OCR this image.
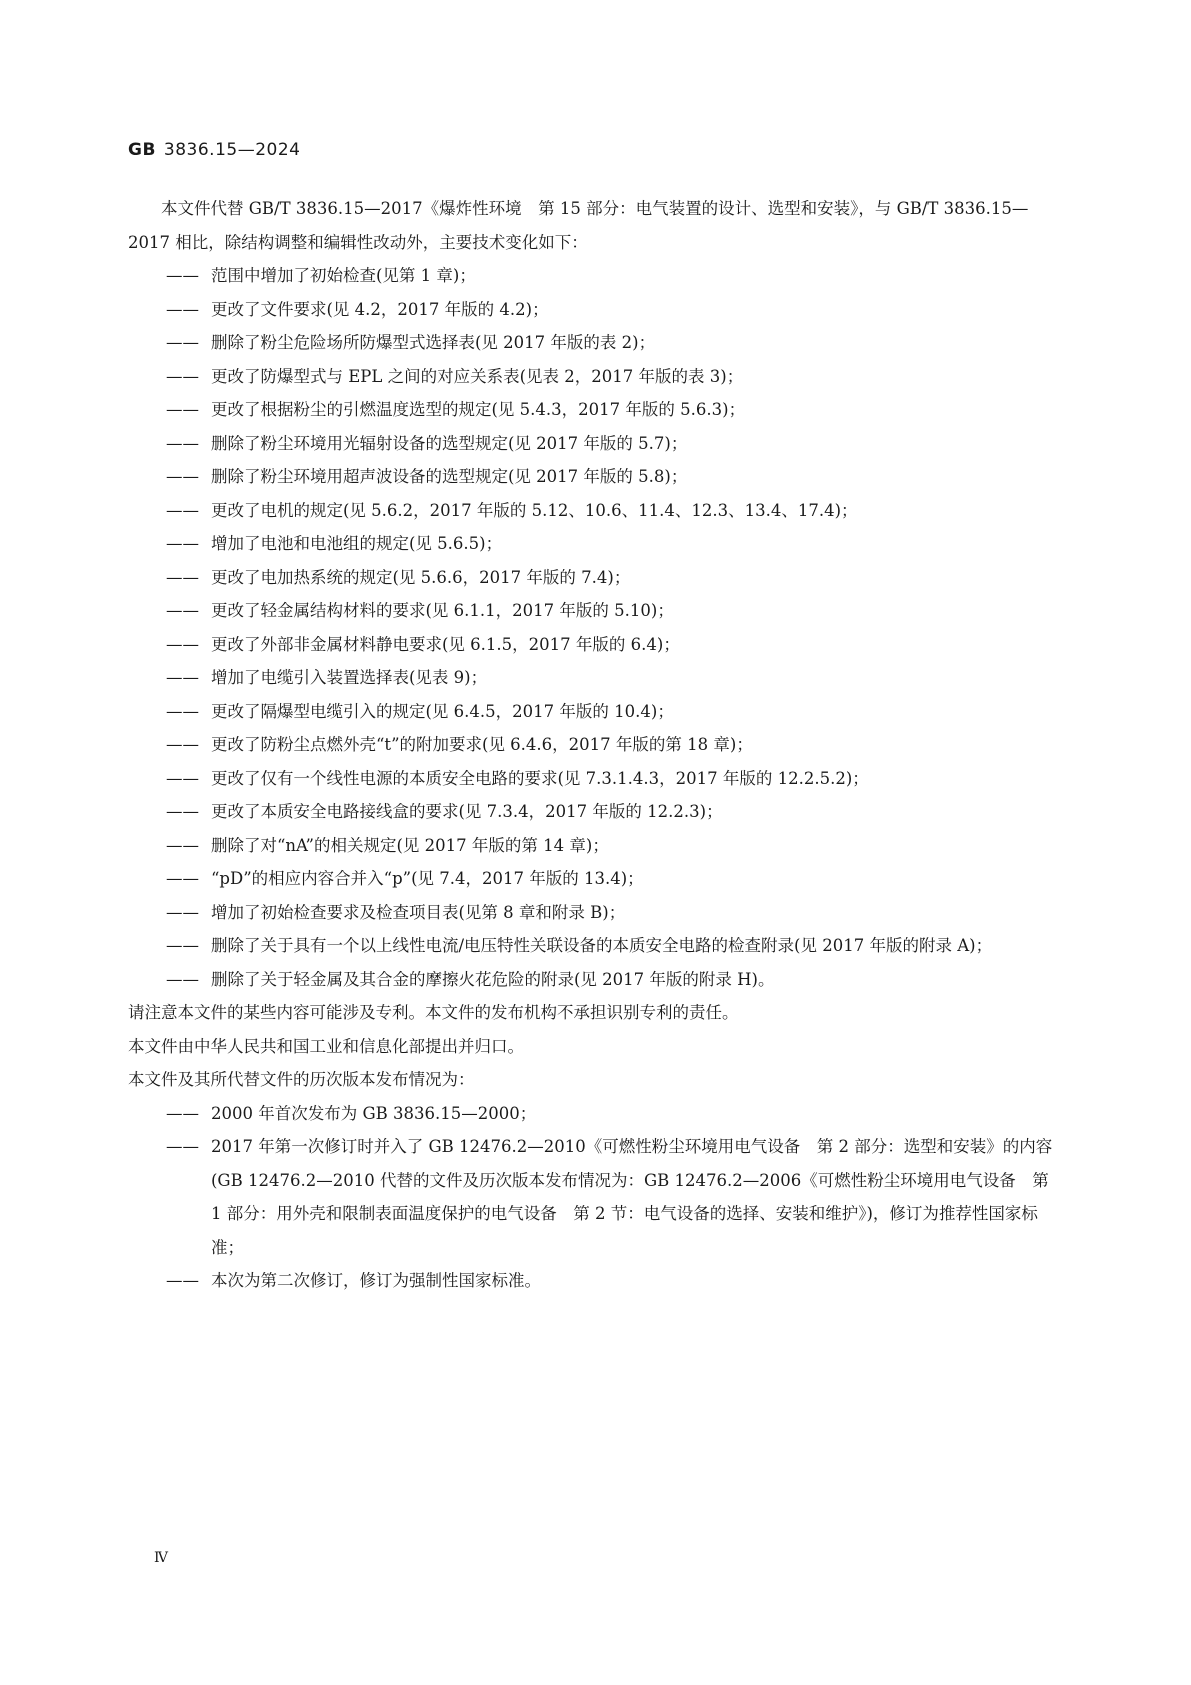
GB 3836.15—2024

本文件代替 GB/T 3836.15—2017《爆炸性环境　第 15 部分：电气装置的设计、选型和安装》，与 GB/T 3836.15—2017 相比，除结构调整和编辑性改动外，主要技术变化如下：

—— 范围中增加了初始检查(见第 1 章)；

—— 更改了文件要求(见 4.2，2017 年版的 4.2)；

—— 删除了粉尘危险场所防爆型式选择表(见 2017 年版的表 2)；

—— 更改了防爆型式与 EPL 之间的对应关系表(见表 2，2017 年版的表 3)；

—— 更改了根据粉尘的引燃温度选型的规定(见 5.4.3，2017 年版的 5.6.3)；

—— 删除了粉尘环境用光辐射设备的选型规定(见 2017 年版的 5.7)；

—— 删除了粉尘环境用超声波设备的选型规定(见 2017 年版的 5.8)；

—— 更改了电机的规定(见 5.6.2，2017 年版的 5.12、10.6、11.4、12.3、13.4、17.4)；

—— 增加了电池和电池组的规定(见 5.6.5)；

—— 更改了电加热系统的规定(见 5.6.6，2017 年版的 7.4)；

—— 更改了轻金属结构材料的要求(见 6.1.1，2017 年版的 5.10)；

—— 更改了外部非金属材料静电要求(见 6.1.5，2017 年版的 6.4)；

—— 增加了电缆引入装置选择表(见表 9)；

—— 更改了隔爆型电缆引入的规定(见 6.4.5，2017 年版的 10.4)；

—— 更改了防粉尘点燃外壳“t”的附加要求(见 6.4.6，2017 年版的第 18 章)；

—— 更改了仅有一个线性电源的本质安全电路的要求(见 7.3.1.4.3，2017 年版的 12.2.5.2)；

—— 更改了本质安全电路接线盒的要求(见 7.3.4，2017 年版的 12.2.3)；

—— 删除了对“nA”的相关规定(见 2017 年版的第 14 章)；

—— “pD”的相应内容合并入“p”(见 7.4，2017 年版的 13.4)；

—— 增加了初始检查要求及检查项目表(见第 8 章和附录 B)；

—— 删除了关于具有一个以上线性电流/电压特性关联设备的本质安全电路的检查附录(见 2017 年版的附录 A)；

—— 删除了关于轻金属及其合金的摩擦火花危险的附录(见 2017 年版的附录 H)。

请注意本文件的某些内容可能涉及专利。本文件的发布机构不承担识别专利的责任。

本文件由中华人民共和国工业和信息化部提出并归口。

本文件及其所代替文件的历次版本发布情况为：

—— 2000 年首次发布为 GB 3836.15—2000；

—— 2017 年第一次修订时并入了 GB 12476.2—2010《可燃性粉尘环境用电气设备　第 2 部分：选型和安装》的内容(GB 12476.2—2010 代替的文件及历次版本发布情况为：GB 12476.2—2006《可燃性粉尘环境用电气设备　第 1 部分：用外壳和限制表面温度保护的电气设备　第 2 节：电气设备的选择、安装和维护》)，修订为推荐性国家标准；

—— 本次为第二次修订，修订为强制性国家标准。

Ⅳ
